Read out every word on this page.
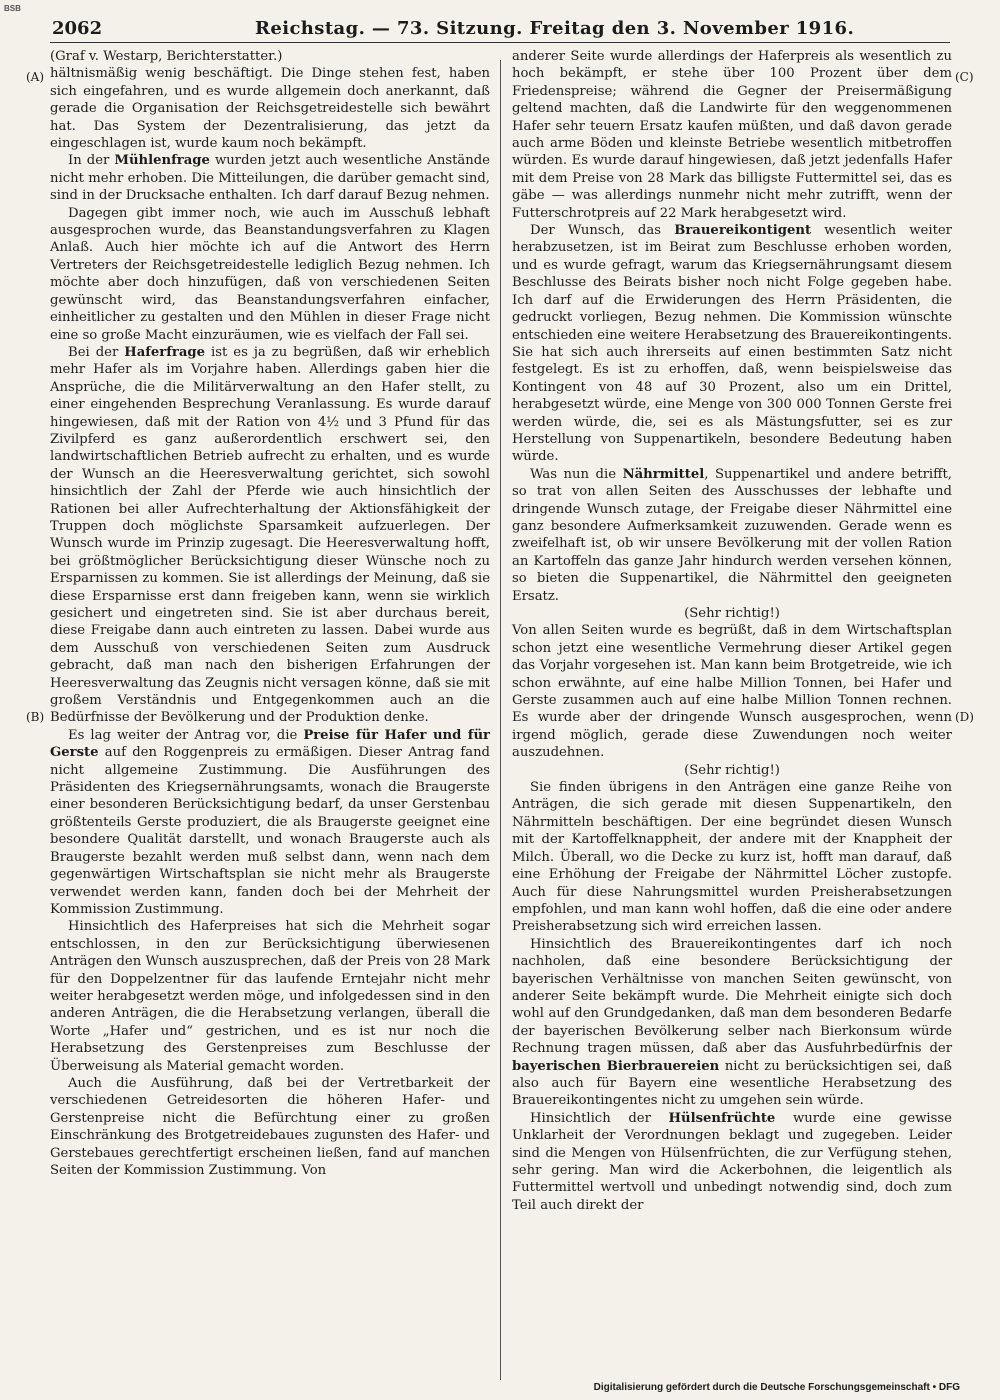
BSB
2062	Reichstag. — 73. Sitzung. Freitag den 3. November 1916.
(A)
(B)
(C)
(D)

(Graf v. Westarp, Berichterstatter.)

hältnismäßig wenig beschäftigt. Die Dinge stehen fest, haben sich eingefahren, und es wurde allgemein doch anerkannt, daß gerade die Organisation der Reichsgetreidestelle sich bewährt hat. Das System der Dezentralisierung, das jetzt da eingeschlagen ist, wurde kaum noch bekämpft.

In der Mühlenfrage wurden jetzt auch wesentliche Anstände nicht mehr erhoben. Die Mitteilungen, die darüber gemacht sind, sind in der Drucksache enthalten. Ich darf darauf Bezug nehmen.

Dagegen gibt immer noch, wie auch im Ausschuß lebhaft ausgesprochen wurde, das Beanstandungsverfahren zu Klagen Anlaß. Auch hier möchte ich auf die Antwort des Herrn Vertreters der Reichsgetreidestelle lediglich Bezug nehmen. Ich möchte aber doch hinzufügen, daß von verschiedenen Seiten gewünscht wird, das Beanstandungsverfahren einfacher, einheitlicher zu gestalten und den Mühlen in dieser Frage nicht eine so große Macht einzuräumen, wie es vielfach der Fall sei.

Bei der Haferfrage ist es ja zu begrüßen, daß wir erheblich mehr Hafer als im Vorjahre haben. Allerdings gaben hier die Ansprüche, die die Militärverwaltung an den Hafer stellt, zu einer eingehenden Besprechung Veranlassung. Es wurde darauf hingewiesen, daß mit der Ration von 4½ und 3 Pfund für das Zivilpferd es ganz außerordentlich erschwert sei, den landwirtschaftlichen Betrieb aufrecht zu erhalten, und es wurde der Wunsch an die Heeresverwaltung gerichtet, sich sowohl hinsichtlich der Zahl der Pferde wie auch hinsichtlich der Rationen bei aller Aufrechterhaltung der Aktionsfähigkeit der Truppen doch möglichste Sparsamkeit aufzuerlegen. Der Wunsch wurde im Prinzip zugesagt. Die Heeresverwaltung hofft, bei größtmöglicher Berücksichtigung dieser Wünsche noch zu Ersparnissen zu kommen. Sie ist allerdings der Meinung, daß sie diese Ersparnisse erst dann freigeben kann, wenn sie wirklich gesichert und eingetreten sind. Sie ist aber durchaus bereit, diese Freigabe dann auch eintreten zu lassen. Dabei wurde aus dem Ausschuß von verschiedenen Seiten zum Ausdruck gebracht, daß man nach den bisherigen Erfahrungen der Heeresverwaltung das Zeugnis nicht versagen könne, daß sie mit großem Verständnis und Entgegenkommen auch an die Bedürfnisse der Bevölkerung und der Produktion denke.

Es lag weiter der Antrag vor, die Preise für Hafer und für Gerste auf den Roggenpreis zu ermäßigen. Dieser Antrag fand nicht allgemeine Zustimmung. Die Ausführungen des Präsidenten des Kriegsernährungsamts, wonach die Braugerste einer besonderen Berücksichtigung bedarf, da unser Gerstenbau größtenteils Gerste produziert, die als Braugerste geeignet eine besondere Qualität darstellt, und wonach Braugerste auch als Braugerste bezahlt werden muß selbst dann, wenn nach dem gegenwärtigen Wirtschaftsplan sie nicht mehr als Braugerste verwendet werden kann, fanden doch bei der Mehrheit der Kommission Zustimmung.

Hinsichtlich des Haferpreises hat sich die Mehrheit sogar entschlossen, in den zur Berücksichtigung überwiesenen Anträgen den Wunsch auszusprechen, daß der Preis von 28 Mark für den Doppelzentner für das laufende Erntejahr nicht mehr weiter herabgesetzt werden möge, und infolgedessen sind in den anderen Anträgen, die die Herabsetzung verlangen, überall die Worte „Hafer und“ gestrichen, und es ist nur noch die Herabsetzung des Gerstenpreises zum Beschlusse der Überweisung als Material gemacht worden.

Auch die Ausführung, daß bei der Vertretbarkeit der verschiedenen Getreidesorten die höheren Hafer- und Gerstenpreise nicht die Befürchtung einer zu großen Einschränkung des Brotgetreidebaues zugunsten des Hafer- und Gerstebaues gerechtfertigt erscheinen ließen, fand auf manchen Seiten der Kommission Zustimmung. Von

anderer Seite wurde allerdings der Haferpreis als wesentlich zu hoch bekämpft, er stehe über 100 Prozent über dem Friedenspreise; während die Gegner der Preisermäßigung geltend machten, daß die Landwirte für den weggenommenen Hafer sehr teuern Ersatz kaufen müßten, und daß davon gerade auch arme Böden und kleinste Betriebe wesentlich mitbetroffen würden. Es wurde darauf hingewiesen, daß jetzt jedenfalls Hafer mit dem Preise von 28 Mark das billigste Futtermittel sei, das es gäbe — was allerdings nunmehr nicht mehr zutrifft, wenn der Futterschrotpreis auf 22 Mark herabgesetzt wird.

Der Wunsch, das Brauereikontigent wesentlich weiter herabzusetzen, ist im Beirat zum Beschlusse erhoben worden, und es wurde gefragt, warum das Kriegsernährungsamt diesem Beschlusse des Beirats bisher noch nicht Folge gegeben habe. Ich darf auf die Erwiderungen des Herrn Präsidenten, die gedruckt vorliegen, Bezug nehmen. Die Kommission wünschte entschieden eine weitere Herabsetzung des Brauereikontingents. Sie hat sich auch ihrerseits auf einen bestimmten Satz nicht festgelegt. Es ist zu erhoffen, daß, wenn beispielsweise das Kontingent von 48 auf 30 Prozent, also um ein Drittel, herabgesetzt würde, eine Menge von 300 000 Tonnen Gerste frei werden würde, die, sei es als Mästungsfutter, sei es zur Herstellung von Suppenartikeln, besondere Bedeutung haben würde.

Was nun die Nährmittel, Suppenartikel und andere betrifft, so trat von allen Seiten des Ausschusses der lebhafte und dringende Wunsch zutage, der Freigabe dieser Nährmittel eine ganz besondere Aufmerksamkeit zuzuwenden. Gerade wenn es zweifelhaft ist, ob wir unsere Bevölkerung mit der vollen Ration an Kartoffeln das ganze Jahr hindurch werden versehen können, so bieten die Suppenartikel, die Nährmittel den geeigneten Ersatz.

(Sehr richtig!)

Von allen Seiten wurde es begrüßt, daß in dem Wirtschaftsplan schon jetzt eine wesentliche Vermehrung dieser Artikel gegen das Vorjahr vorgesehen ist. Man kann beim Brotgetreide, wie ich schon erwähnte, auf eine halbe Million Tonnen, bei Hafer und Gerste zusammen auch auf eine halbe Million Tonnen rechnen. Es wurde aber der dringende Wunsch ausgesprochen, wenn irgend möglich, gerade diese Zuwendungen noch weiter auszudehnen.

(Sehr richtig!)

Sie finden übrigens in den Anträgen eine ganze Reihe von Anträgen, die sich gerade mit diesen Suppenartikeln, den Nährmitteln beschäftigen. Der eine begründet diesen Wunsch mit der Kartoffelknappheit, der andere mit der Knappheit der Milch. Überall, wo die Decke zu kurz ist, hofft man darauf, daß eine Erhöhung der Freigabe der Nährmittel Löcher zustopfe. Auch für diese Nahrungsmittel wurden Preisherabsetzungen empfohlen, und man kann wohl hoffen, daß die eine oder andere Preisherabsetzung sich wird erreichen lassen.

Hinsichtlich des Brauereikontingentes darf ich noch nachholen, daß eine besondere Berücksichtigung der bayerischen Verhältnisse von manchen Seiten gewünscht, von anderer Seite bekämpft wurde. Die Mehrheit einigte sich doch wohl auf den Grundgedanken, daß man dem besonderen Bedarfe der bayerischen Bevölkerung selber nach Bierkonsum würde Rechnung tragen müssen, daß aber das Ausfuhrbedürfnis der bayerischen Bierbrauereien nicht zu berücksichtigen sei, daß also auch für Bayern eine wesentliche Herabsetzung des Brauereikontingentes nicht zu umgehen sein würde.

Hinsichtlich der Hülsenfrüchte wurde eine gewisse Unklarheit der Verordnungen beklagt und zugegeben. Leider sind die Mengen von Hülsenfrüchten, die zur Verfügung stehen, sehr gering. Man wird die Ackerbohnen, die leigentlich als Futtermittel wertvoll und unbedingt notwendig sind, doch zum Teil auch direkt der

Digitalisierung gefördert durch die Deutsche Forschungsgemeinschaft • DFG
